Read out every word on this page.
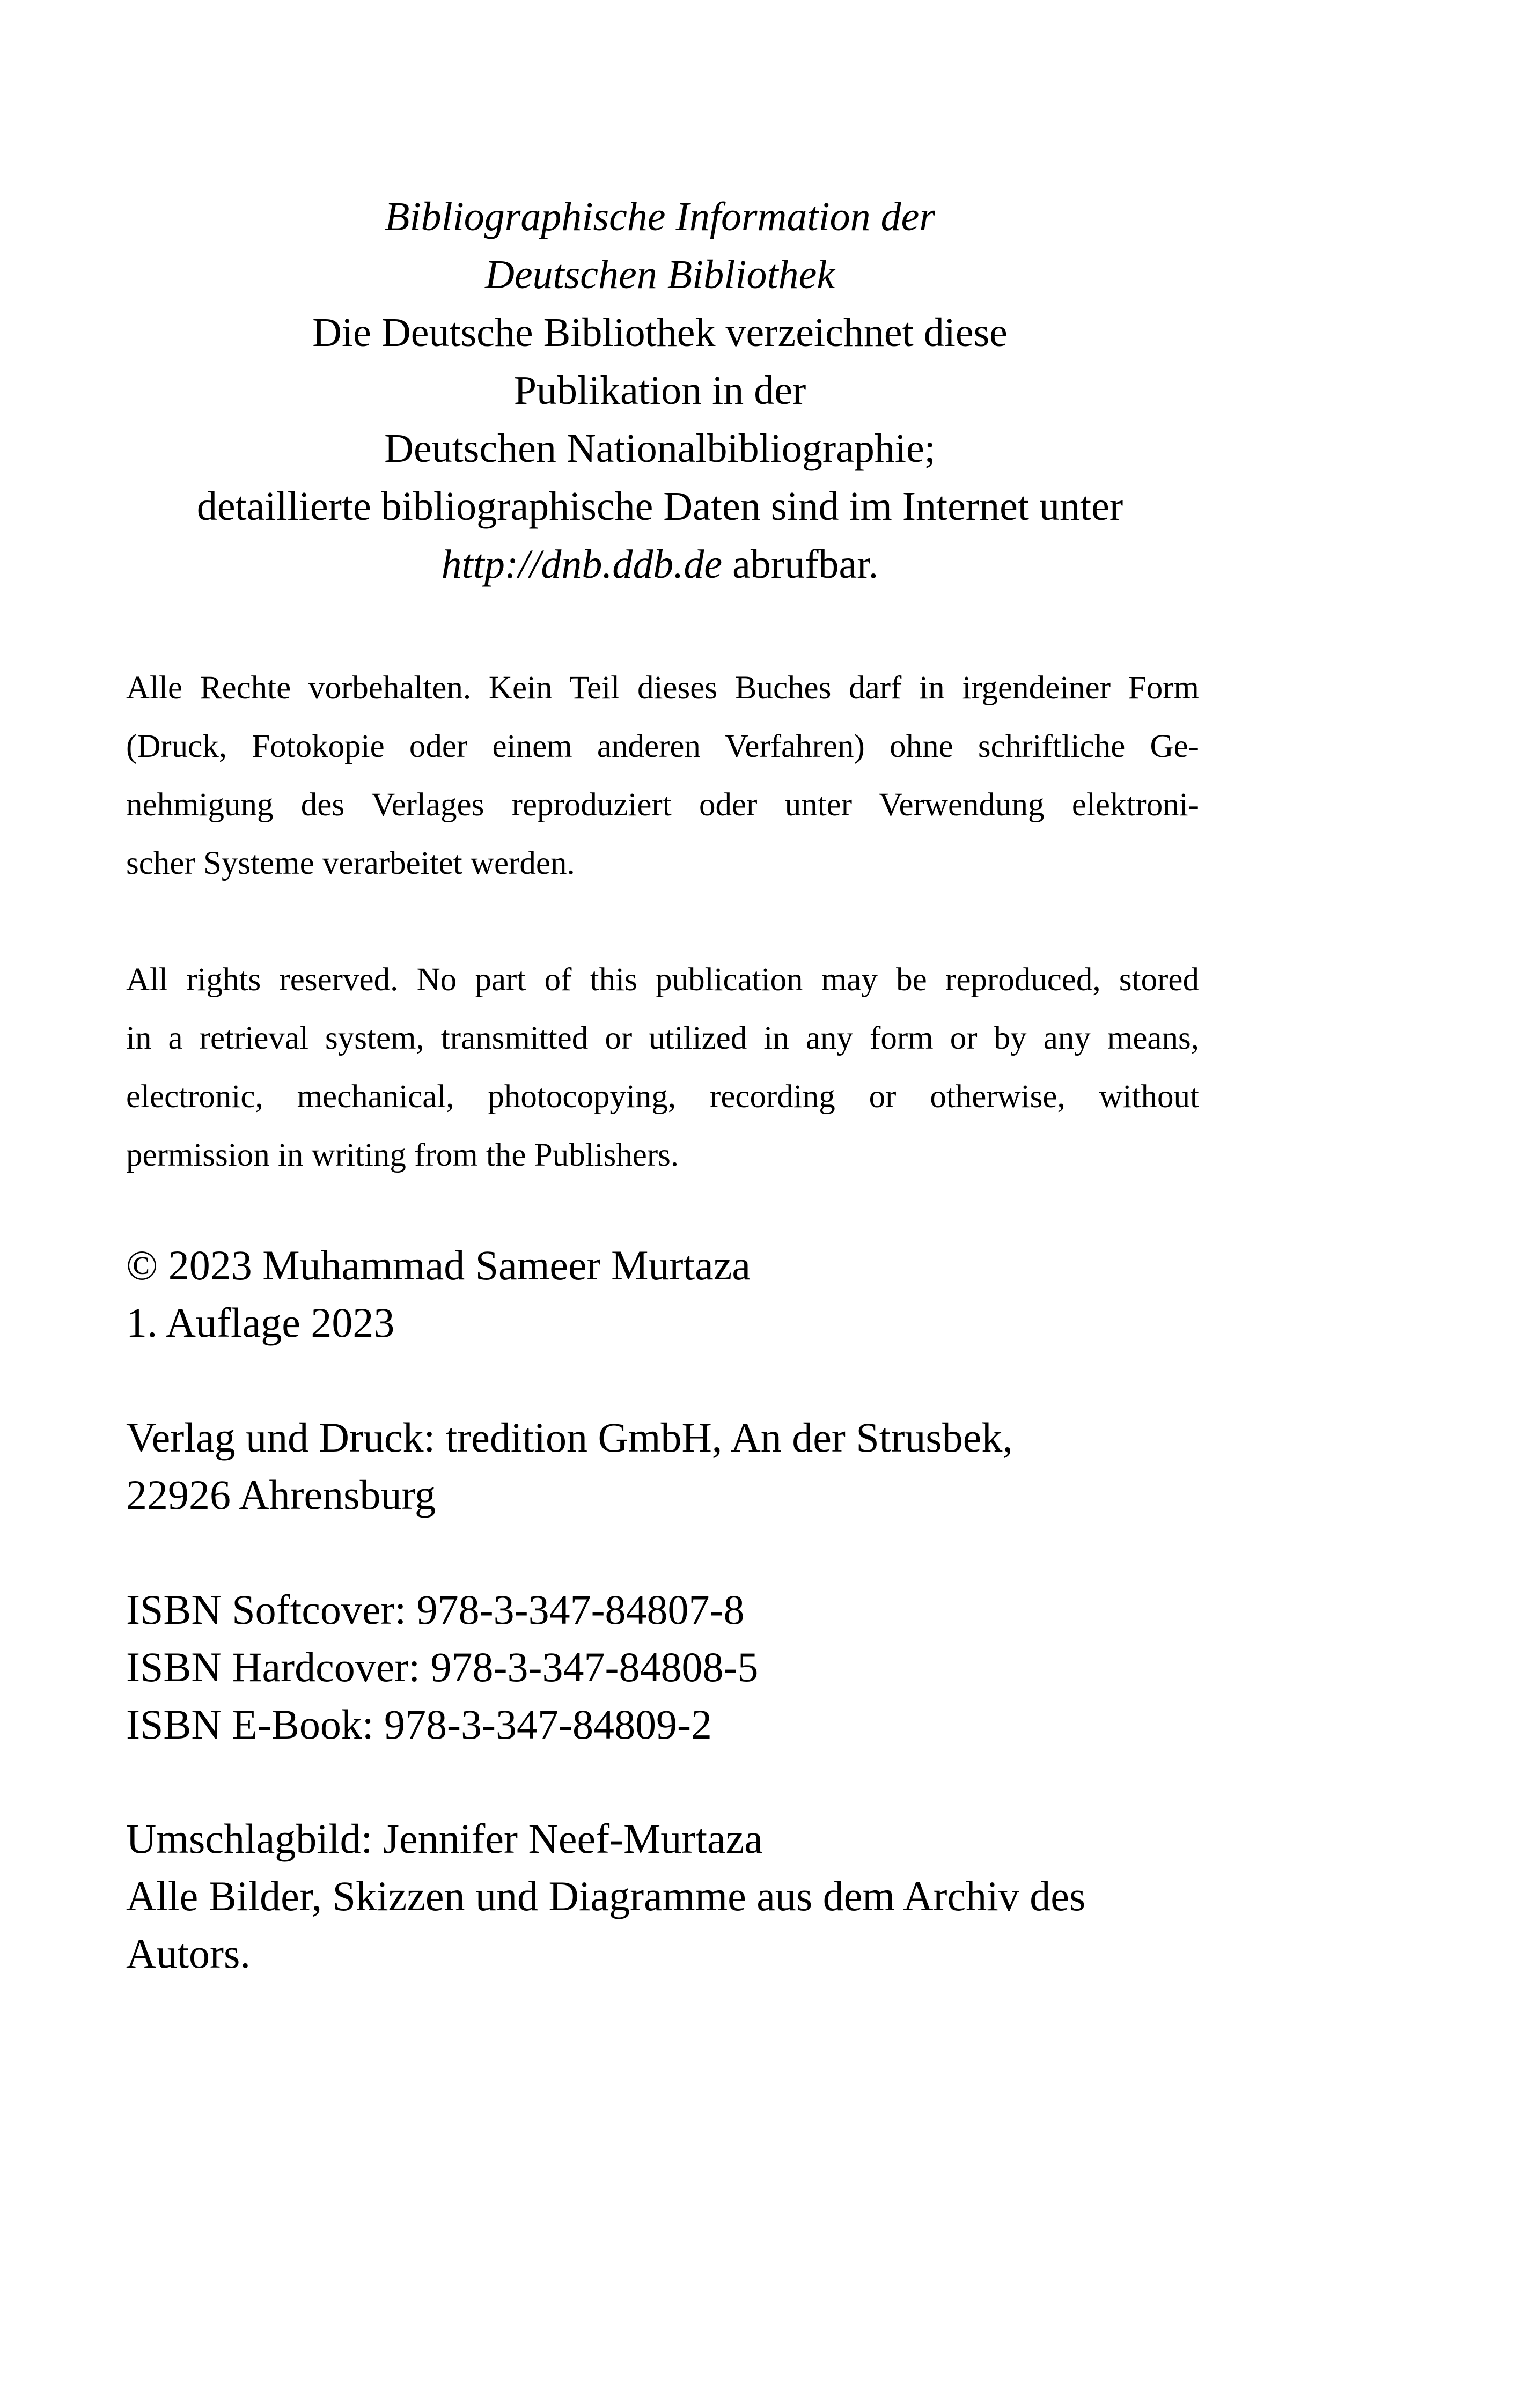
Bibliographische Information der
Deutschen Bibliothek
Die Deutsche Bibliothek verzeichnet diese
Publikation in der
Deutschen Nationalbibliographie;
detaillierte bibliographische Daten sind im Internet unter
http://dnb.ddb.de abrufbar.
Alle Rechte vorbehalten. Kein Teil dieses Buches darf in irgendeiner Form
(Druck, Fotokopie oder einem anderen Verfahren) ohne schriftliche Ge-
nehmigung des Verlages reproduziert oder unter Verwendung elektroni-
scher Systeme verarbeitet werden.
All rights reserved. No part of this publication may be reproduced, stored
in a retrieval system, transmitted or utilized in any form or by any means,
electronic, mechanical, photocopying, recording or otherwise, without
permission in writing from the Publishers.
© 2023 Muhammad Sameer Murtaza
1. Auflage 2023
Verlag und Druck: tredition GmbH, An der Strusbek,
22926 Ahrensburg
ISBN Softcover: 978-3-347-84807-8
ISBN Hardcover: 978-3-347-84808-5
ISBN E-Book: 978-3-347-84809-2
Umschlagbild: Jennifer Neef-Murtaza
Alle Bilder, Skizzen und Diagramme aus dem Archiv des
Autors.
